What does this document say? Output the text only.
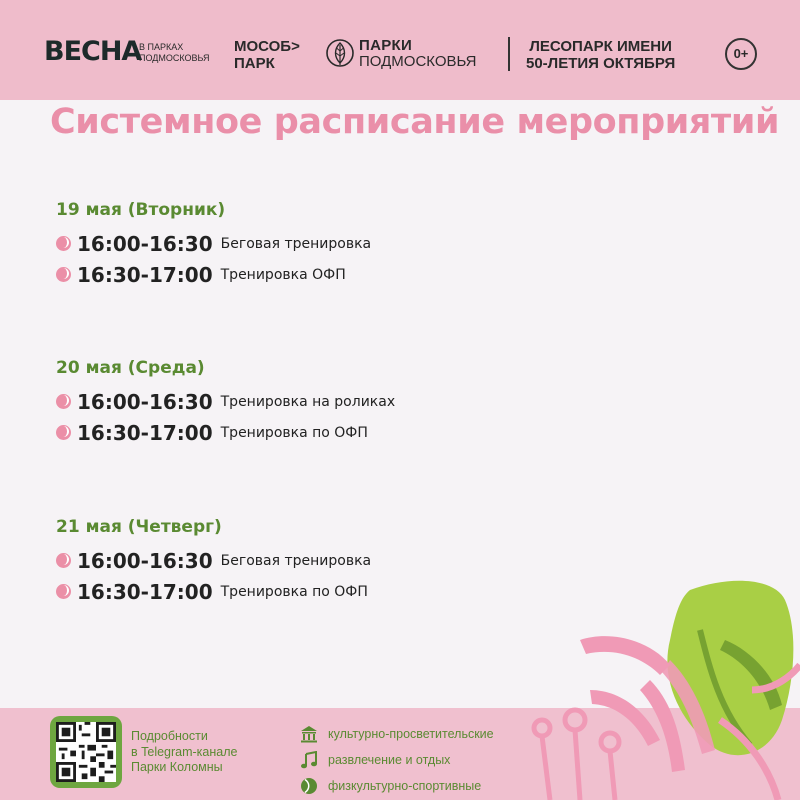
ВЕСНА
В ПАРКАХ
ПОДМОСКОВЬЯ
МОСОБ>
ПАРК
ПАРКИ
ПОДМОСКОВЬЯ
ЛЕСОПАРК ИМЕНИ
50-ЛЕТИЯ ОКТЯБРЯ
0+
Системное расписание мероприятий
19 мая (Вторник)
16:00-16:30 Беговая тренировка
16:30-17:00 Тренировка ОФП
20 мая (Среда)
16:00-16:30 Тренировка на роликах
16:30-17:00 Тренировка по ОФП
21 мая (Четверг)
16:00-16:30 Беговая тренировка
16:30-17:00 Тренировка по ОФП
Подробности
в Telegram-канале
Парки Коломны
культурно-просветительские
развлечение и отдых
физкультурно-спортивные
